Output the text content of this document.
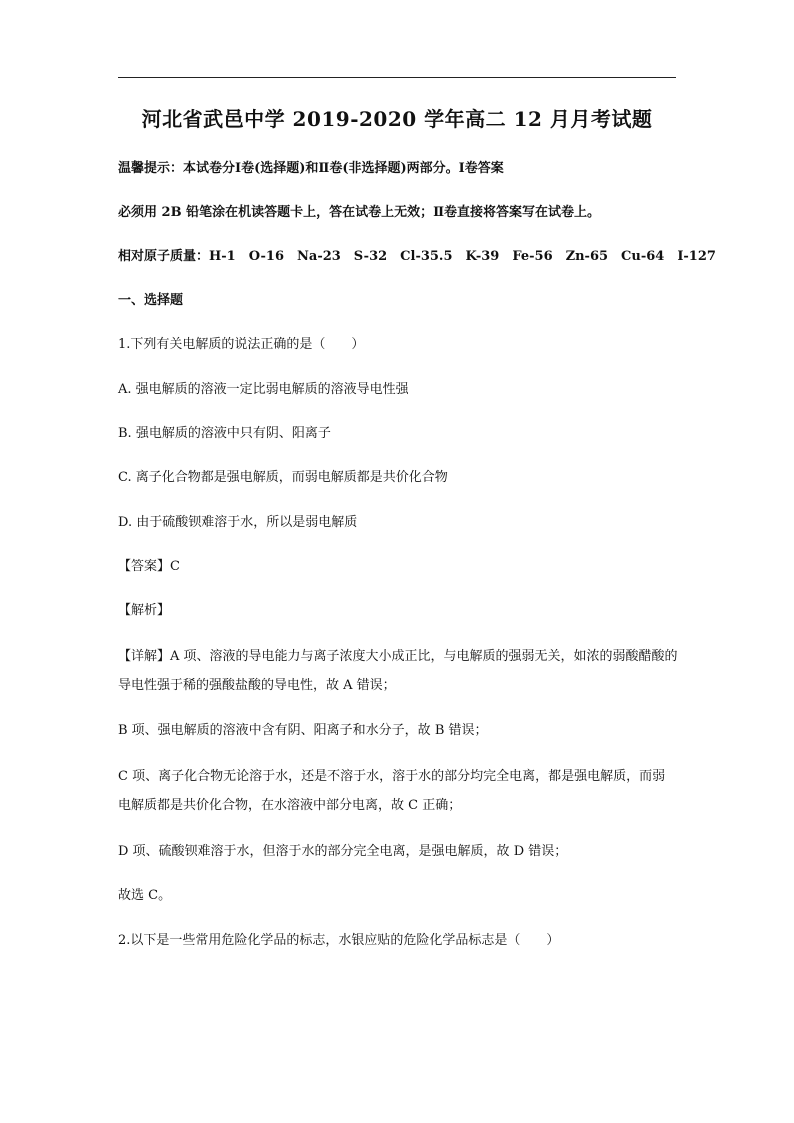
河北省武邑中学 2019-2020 学年高二 12 月月考试题
温馨提示：本试卷分Ⅰ卷(选择题)和Ⅱ卷(非选择题)两部分。Ⅰ卷答案
必须用 2B 铅笔涂在机读答题卡上，答在试卷上无效；Ⅱ卷直接将答案写在试卷上。
相对原子质量：H-1　O-16　Na-23　S-32　Cl-35.5　K-39　Fe-56　Zn-65　Cu-64　I-127
一、选择题
1.下列有关电解质的说法正确的是（　　）
A. 强电解质的溶液一定比弱电解质的溶液导电性强
B. 强电解质的溶液中只有阴、阳离子
C. 离子化合物都是强电解质，而弱电解质都是共价化合物
D. 由于硫酸钡难溶于水，所以是弱电解质
【答案】C
【解析】
【详解】A 项、溶液的导电能力与离子浓度大小成正比，与电解质的强弱无关，如浓的弱酸醋酸的导电性强于稀的强酸盐酸的导电性，故 A 错误；
B 项、强电解质的溶液中含有阴、阳离子和水分子，故 B 错误；
C 项、离子化合物无论溶于水，还是不溶于水，溶于水的部分均完全电离，都是强电解质，而弱电解质都是共价化合物，在水溶液中部分电离，故 C 正确；
D 项、硫酸钡难溶于水，但溶于水的部分完全电离，是强电解质，故 D 错误；
故选 C。
2.以下是一些常用危险化学品的标志，水银应贴的危险化学品标志是（　　）
